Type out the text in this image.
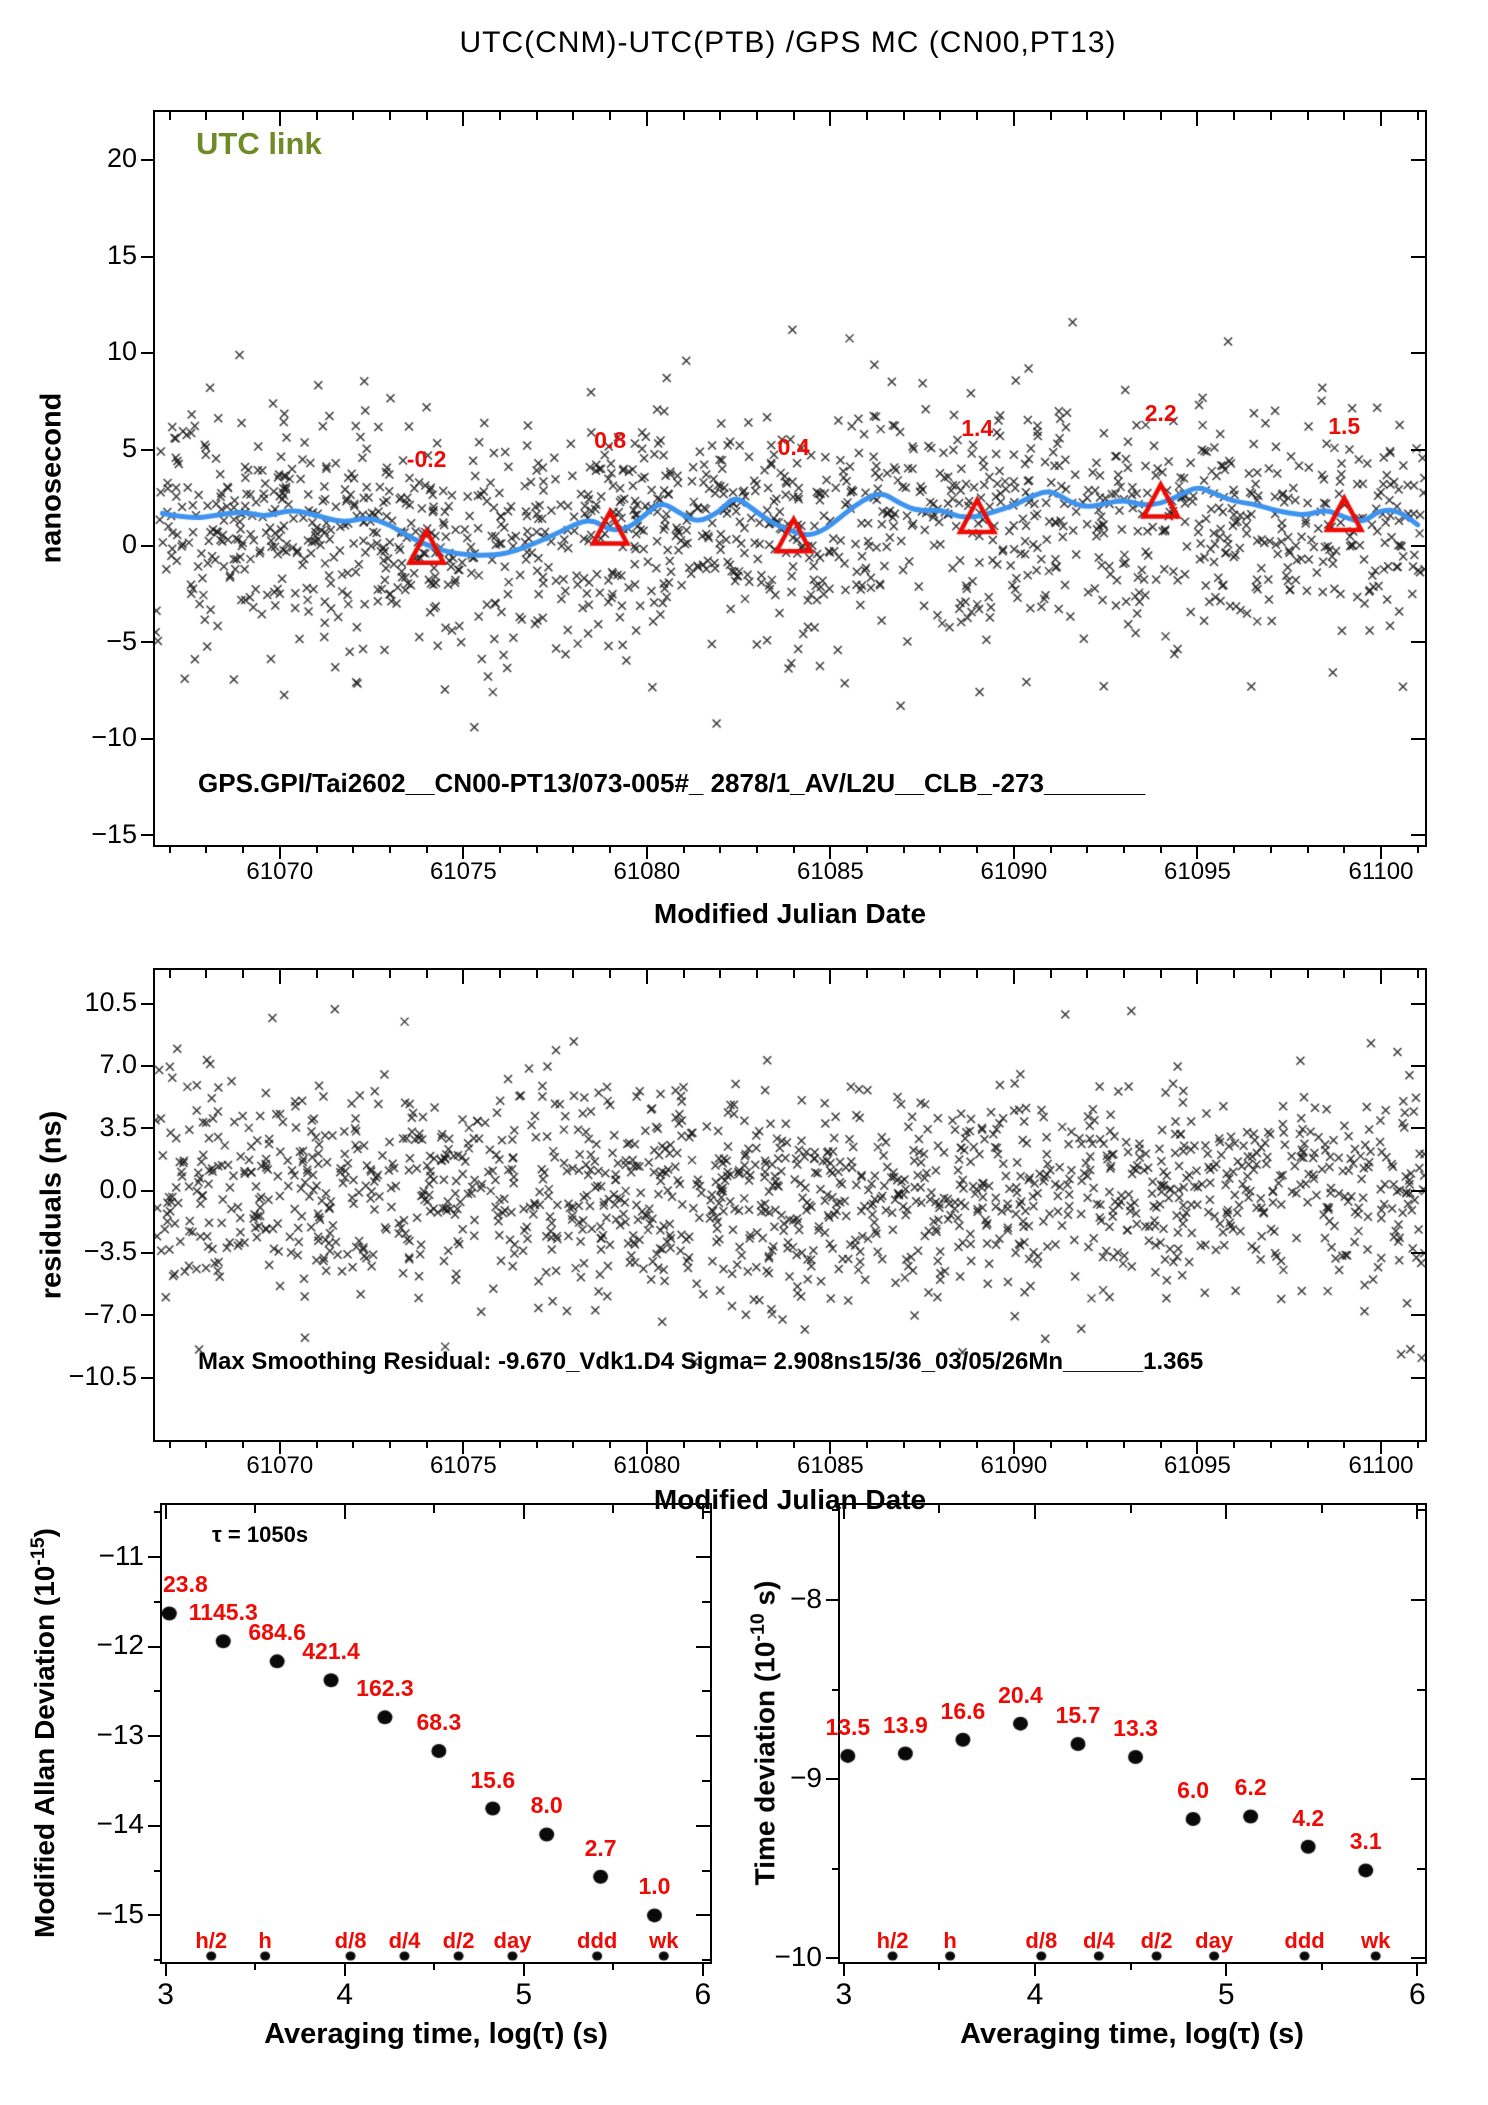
UTC(CNM)-UTC(PTB) /GPS MC (CN00,PT13)
61070	61075	61080	61085	61090	61095	61100
20
15
10
5
0
−5
−10
−15
-0.2
0.8	0.4
1.4
2.2
1.5
61070	61075	61080	61085	61090	61095	61100
10.5
7.0
3.5
0.0
−3.5
−7.0
−10.5
3	4	5	6
−11
−12
−13
−14
−15
23.8
1145.3
684.6
421.4
162.3
68.3
15.6
8.0
2.7
1.0
h/2 h	d/8 d/4 d/2 day ddd wk
3	4	5	6
−8
−9
−10
13.5 13.9
16.6
20.4
15.7 13.3
6.0 6.2
4.2
3.1
h/2 h	d/8 d/4 d/2 day ddd wk
UTC link
GPS.GPI/Tai2602__CN00-PT13/073-005#_ 2878/1_AV/L2U__CLB_-273_______
nanosecond
Modified Julian Date
Max Smoothing Residual: -9.670_Vdk1.D4 Sigma= 2.908ns15/36_03/05/26Mn______1.365
residuals (ns)
Modified Julian Date
τ = 1050s
Modified Allan Deviation $(10^{-15})$
Averaging time, log(τ) (s)
Time deviation ($10^{-10}$ s)
Averaging time, log(τ) (s)
